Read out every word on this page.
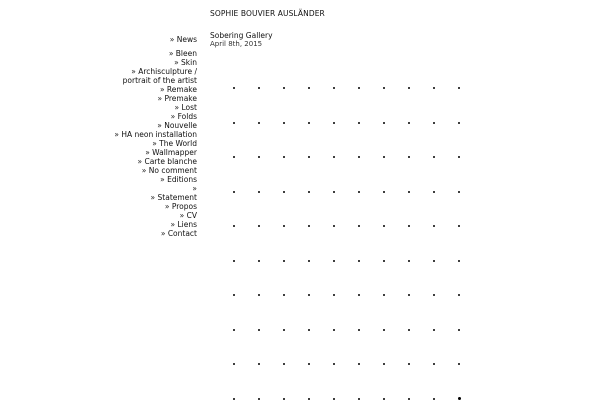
SOPHIE BOUVIER AUSLÄNDER
» News
» Bleen
» Skin
» Archisculpture /
portrait of the artist
» Remake
» Premake
» Lost
» Folds
» Nouvelle
» HA neon installation
» The World
» Wallmapper
» Carte blanche
» No comment
» Editions
»
» Statement
» Propos
» CV
» Liens
» Contact
Sobering Gallery
April 8th, 2015
